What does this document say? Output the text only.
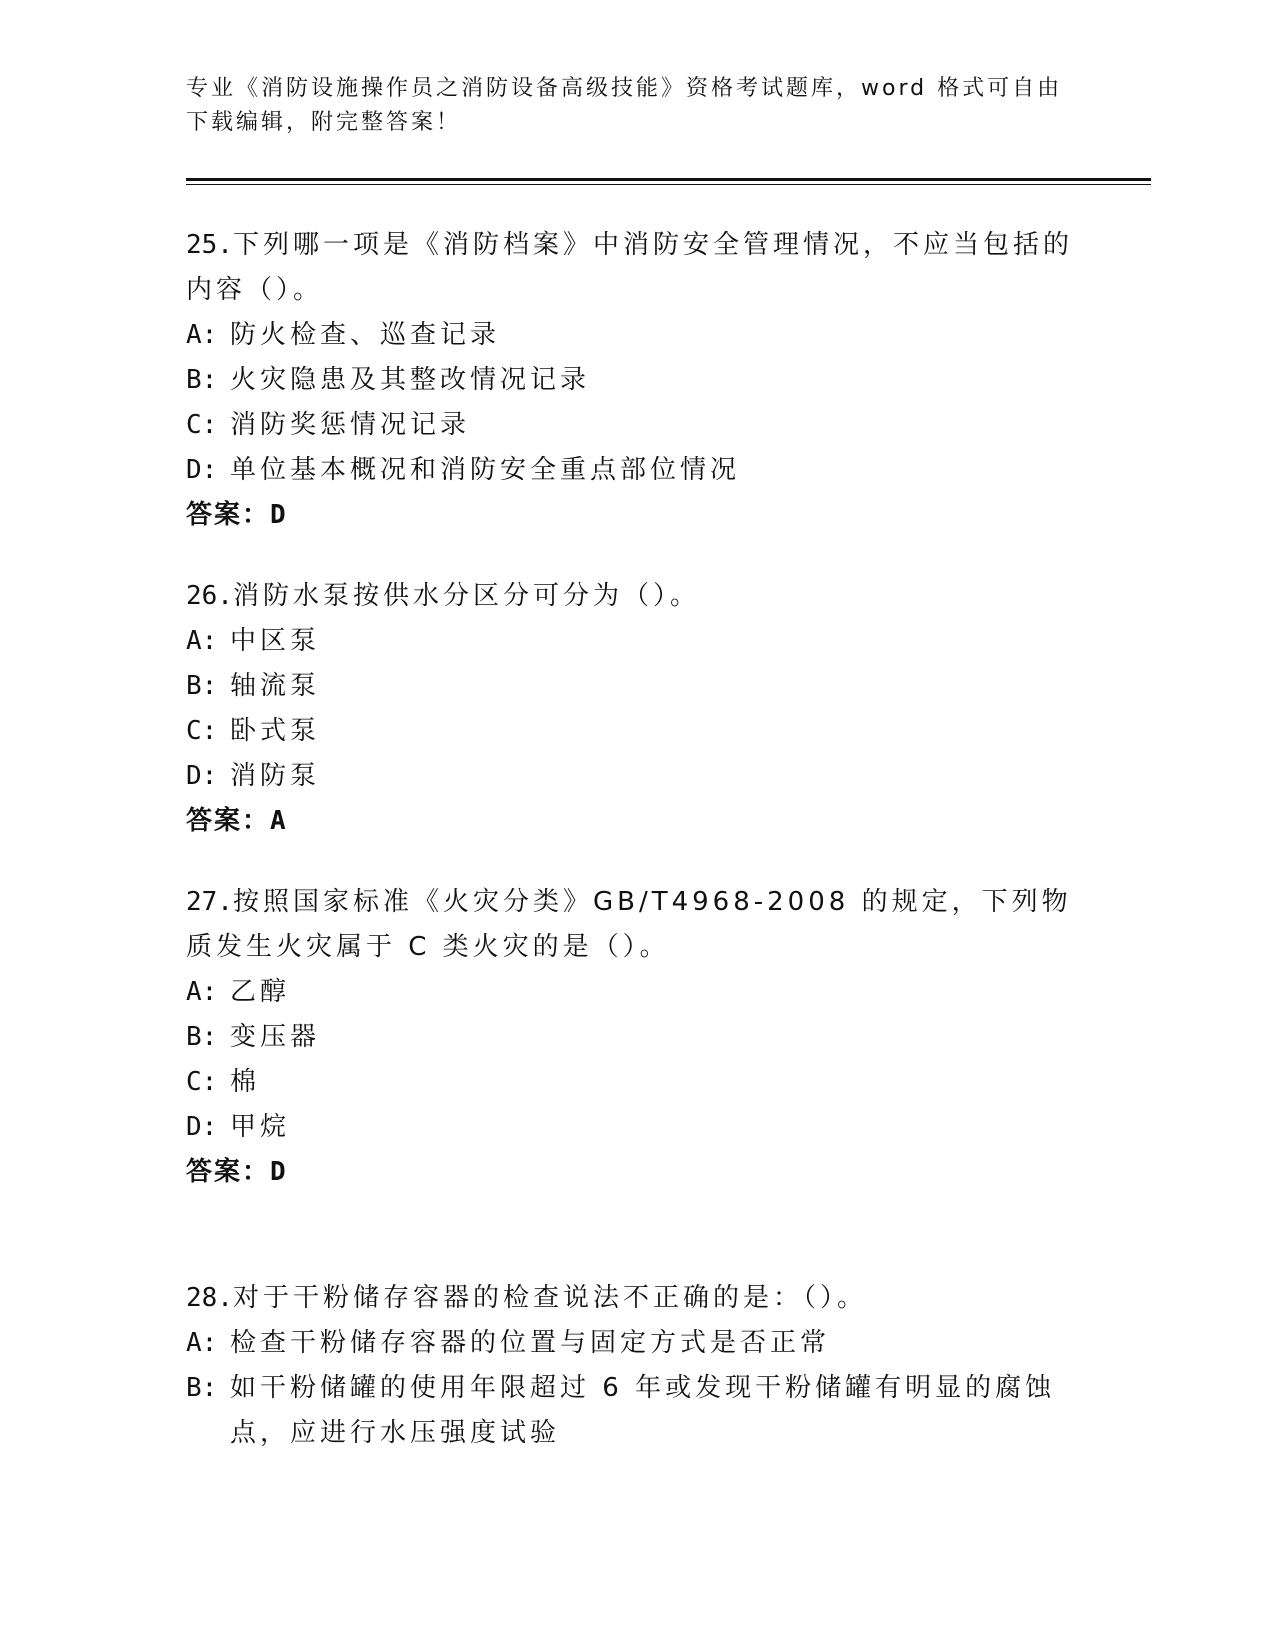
专业《消防设施操作员之消防设备高级技能》资格考试题库，word 格式可自由下载编辑，附完整答案！

25.下列哪一项是《消防档案》中消防安全管理情况，不应当包括的内容（）。

A: 防火检查、巡查记录
B: 火灾隐患及其整改情况记录
C: 消防奖惩情况记录
D: 单位基本概况和消防安全重点部位情况
答案：D

26.消防水泵按供水分区分可分为（）。

A: 中区泵
B: 轴流泵
C: 卧式泵
D: 消防泵
答案：A

27.按照国家标准《火灾分类》GB/T4968-2008 的规定，下列物质发生火灾属于 C 类火灾的是（）。

A: 乙醇
B: 变压器
C: 棉
D: 甲烷
答案：D

28.对于干粉储存容器的检查说法不正确的是：（）。

A: 检查干粉储存容器的位置与固定方式是否正常
B: 如干粉储罐的使用年限超过 6 年或发现干粉储罐有明显的腐蚀点，应进行水压强度试验
